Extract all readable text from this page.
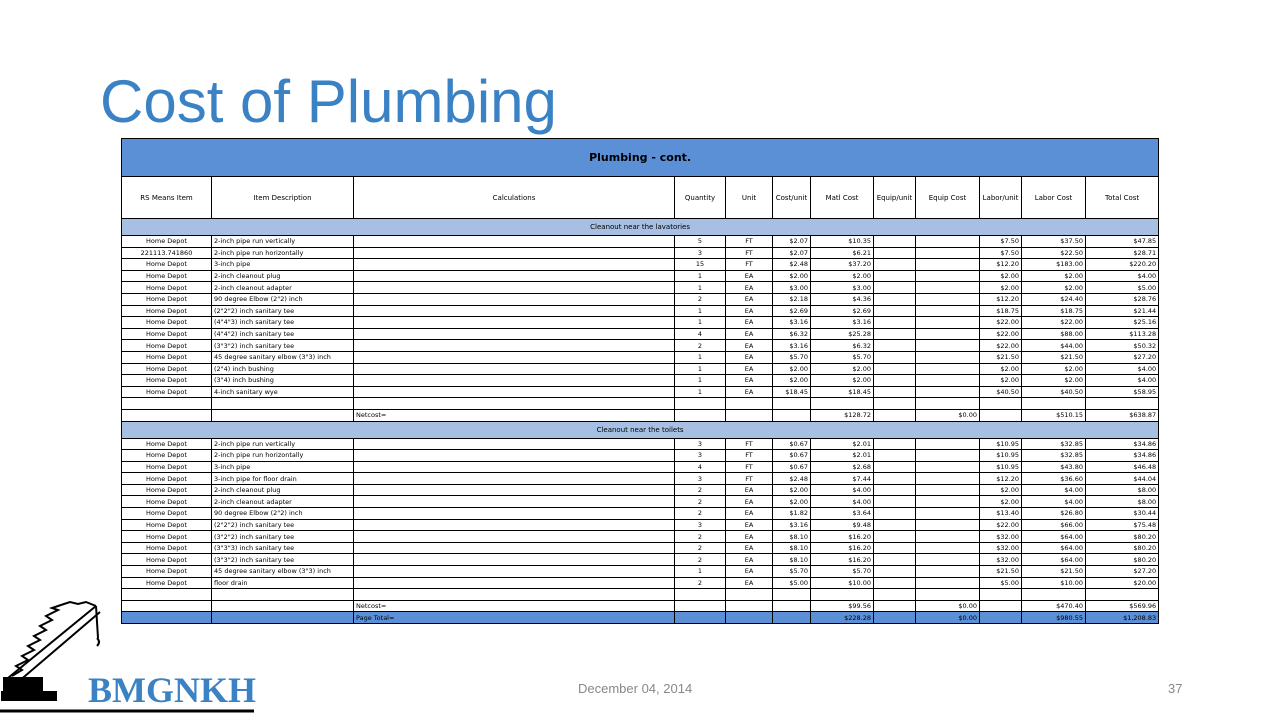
Cost of Plumbing
Plumbing - cont.											
RS Means Item	Item Description	Calculations	Quantity	Unit	Cost/unit	Matl Cost	Equip/unit	Equip Cost	Labor/unit	Labor Cost	Total Cost
Cleanout near the lavatories											
Home Depot	2-inch pipe run vertically		5	FT	$2.07	$10.35			$7.50	$37.50	$47.85
221113.741860	2-inch pipe run horizontally		3	FT	$2.07	$6.21			$7.50	$22.50	$28.71
Home Depot	3-inch pipe		15	FT	$2.48	$37.20			$12.20	$183.00	$220.20
Home Depot	2-inch cleanout plug		1	EA	$2.00	$2.00			$2.00	$2.00	$4.00
Home Depot	2-inch cleanout adapter		1	EA	$3.00	$3.00			$2.00	$2.00	$5.00
Home Depot	90 degree Elbow (2"2) inch		2	EA	$2.18	$4.36			$12.20	$24.40	$28.76
Home Depot	(2"2"2) inch sanitary tee		1	EA	$2.69	$2.69			$18.75	$18.75	$21.44
Home Depot	(4"4"3) inch sanitary tee		1	EA	$3.16	$3.16			$22.00	$22.00	$25.16
Home Depot	(4"4"2) inch sanitary tee		4	EA	$6.32	$25.28			$22.00	$88.00	$113.28
Home Depot	(3"3"2) inch sanitary tee		2	EA	$3.16	$6.32			$22.00	$44.00	$50.32
Home Depot	45 degree sanitary elbow (3"3) inch		1	EA	$5.70	$5.70			$21.50	$21.50	$27.20
Home Depot	(2"4) inch bushing		1	EA	$2.00	$2.00			$2.00	$2.00	$4.00
Home Depot	(3"4) inch bushing		1	EA	$2.00	$2.00			$2.00	$2.00	$4.00
Home Depot	4-inch sanitary wye		1	EA	$18.45	$18.45			$40.50	$40.50	$58.95

		Netcost=				$128.72		$0.00		$510.15	$638.87
Cleanout near the toilets											
Home Depot	2-inch pipe run vertically		3	FT	$0.67	$2.01			$10.95	$32.85	$34.86
Home Depot	2-inch pipe run horizontally		3	FT	$0.67	$2.01			$10.95	$32.85	$34.86
Home Depot	3-inch pipe		4	FT	$0.67	$2.68			$10.95	$43.80	$46.48
Home Depot	3-inch pipe for floor drain		3	FT	$2.48	$7.44			$12.20	$36.60	$44.04
Home Depot	2-inch cleanout plug		2	EA	$2.00	$4.00			$2.00	$4.00	$8.00
Home Depot	2-inch cleanout adapter		2	EA	$2.00	$4.00			$2.00	$4.00	$8.00
Home Depot	90 degree Elbow (2"2) inch		2	EA	$1.82	$3.64			$13.40	$26.80	$30.44
Home Depot	(2"2"2) inch sanitary tee		3	EA	$3.16	$9.48			$22.00	$66.00	$75.48
Home Depot	(3"2"2) inch sanitary tee		2	EA	$8.10	$16.20			$32.00	$64.00	$80.20
Home Depot	(3"3"3) inch sanitary tee		2	EA	$8.10	$16.20			$32.00	$64.00	$80.20
Home Depot	(3"3"2) inch sanitary tee		2	EA	$8.10	$16.20			$32.00	$64.00	$80.20
Home Depot	45 degree sanitary elbow (3"3) inch		1	EA	$5.70	$5.70			$21.50	$21.50	$27.20
Home Depot	floor drain		2	EA	$5.00	$10.00			$5.00	$10.00	$20.00

		Netcost=				$99.56		$0.00		$470.40	$569.96
		Page Total=				$228.28		$0.00		$980.55	$1,208.83
BMGNKH	December 04, 2014	37
